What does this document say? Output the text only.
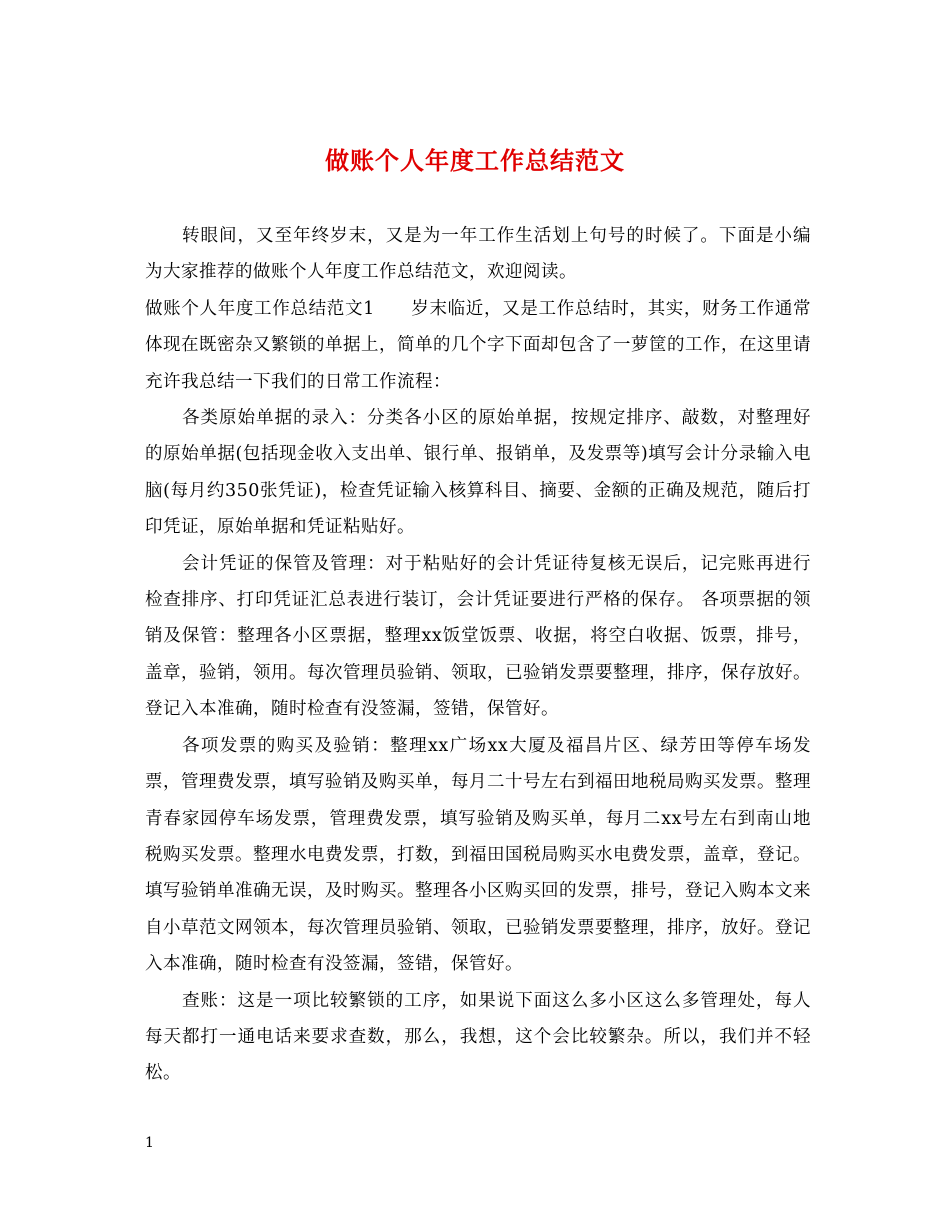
做账个人年度工作总结范文

转眼间，又至年终岁末，又是为一年工作生活划上句号的时候了。下面是小编为大家推荐的做账个人年度工作总结范文，欢迎阅读。

做账个人年度工作总结范文1　　岁末临近，又是工作总结时，其实，财务工作通常体现在既密杂又繁锁的单据上，简单的几个字下面却包含了一萝筐的工作，在这里请充许我总结一下我们的日常工作流程：

各类原始单据的录入：分类各小区的原始单据，按规定排序、敲数，对整理好的原始单据(包括现金收入支出单、银行单、报销单，及发票等)填写会计分录输入电脑(每月约350张凭证)，检查凭证输入核算科目、摘要、金额的正确及规范，随后打印凭证，原始单据和凭证粘贴好。

会计凭证的保管及管理：对于粘贴好的会计凭证待复核无误后，记完账再进行检查排序、打印凭证汇总表进行装订，会计凭证要进行严格的保存。 各项票据的领销及保管：整理各小区票据，整理xx饭堂饭票、收据，将空白收据、饭票，排号，盖章，验销，领用。每次管理员验销、领取，已验销发票要整理，排序，保存放好。登记入本准确，随时检查有没签漏，签错，保管好。

各项发票的购买及验销：整理xx广场xx大厦及福昌片区、绿芳田等停车场发票，管理费发票，填写验销及购买单，每月二十号左右到福田地税局购买发票。整理青春家园停车场发票，管理费发票，填写验销及购买单，每月二xx号左右到南山地税购买发票。整理水电费发票，打数，到福田国税局购买水电费发票，盖章，登记。填写验销单准确无误，及时购买。整理各小区购买回的发票，排号，登记入购本文来自小草范文网领本，每次管理员验销、领取，已验销发票要整理，排序，放好。登记入本准确，随时检查有没签漏，签错，保管好。

查账：这是一项比较繁锁的工序，如果说下面这么多小区这么多管理处，每人每天都打一通电话来要求查数，那么，我想，这个会比较繁杂。所以，我们并不轻松。

1
